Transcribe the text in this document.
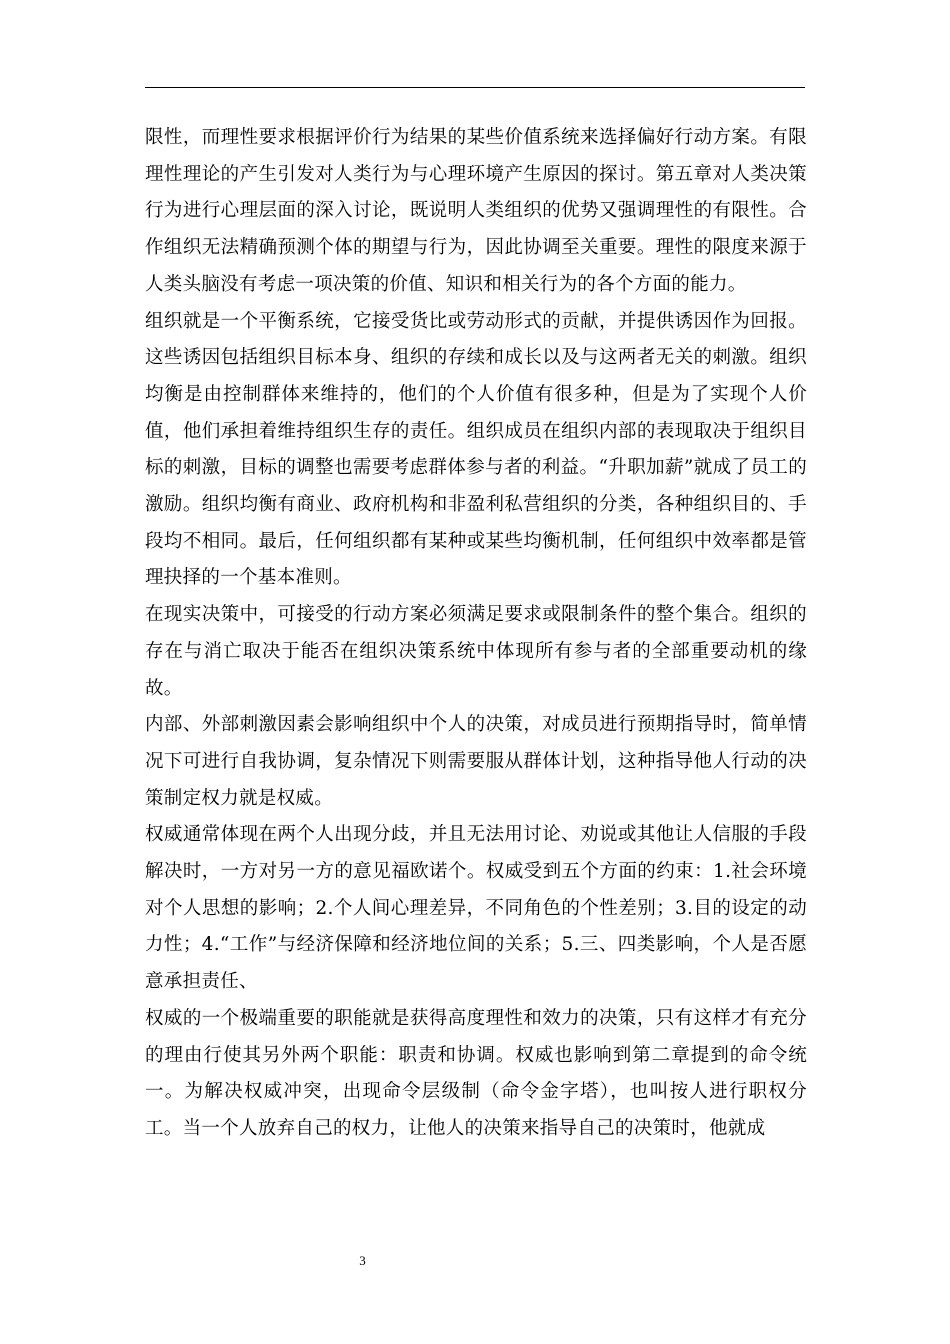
限性，而理性要求根据评价行为结果的某些价值系统来选择偏好行动方案。有限理性理论的产生引发对人类行为与心理环境产生原因的探讨。第五章对人类决策行为进行心理层面的深入讨论，既说明人类组织的优势又强调理性的有限性。合作组织无法精确预测个体的期望与行为，因此协调至关重要。理性的限度来源于人类头脑没有考虑一项决策的价值、知识和相关行为的各个方面的能力。

组织就是一个平衡系统，它接受货比或劳动形式的贡献，并提供诱因作为回报。这些诱因包括组织目标本身、组织的存续和成长以及与这两者无关的刺激。组织均衡是由控制群体来维持的，他们的个人价值有很多种，但是为了实现个人价值，他们承担着维持组织生存的责任。组织成员在组织内部的表现取决于组织目标的刺激，目标的调整也需要考虑群体参与者的利益。“升职加薪”就成了员工的激励。组织均衡有商业、政府机构和非盈利私营组织的分类，各种组织目的、手段均不相同。最后，任何组织都有某种或某些均衡机制，任何组织中效率都是管理抉择的一个基本准则。

在现实决策中，可接受的行动方案必须满足要求或限制条件的整个集合。组织的存在与消亡取决于能否在组织决策系统中体现所有参与者的全部重要动机的缘故。

内部、外部刺激因素会影响组织中个人的决策，对成员进行预期指导时，简单情况下可进行自我协调，复杂情况下则需要服从群体计划，这种指导他人行动的决策制定权力就是权威。

权威通常体现在两个人出现分歧，并且无法用讨论、劝说或其他让人信服的手段解决时，一方对另一方的意见福欧诺个。权威受到五个方面的约束：1.社会环境对个人思想的影响；2.个人间心理差异，不同角色的个性差别；3.目的设定的动力性；4.“工作”与经济保障和经济地位间的关系；5.三、四类影响，个人是否愿意承担责任、

权威的一个极端重要的职能就是获得高度理性和效力的决策，只有这样才有充分的理由行使其另外两个职能：职责和协调。权威也影响到第二章提到的命令统一。为解决权威冲突，出现命令层级制（命令金字塔），也叫按人进行职权分工。当一个人放弃自己的权力，让他人的决策来指导自己的决策时，他就成

3
